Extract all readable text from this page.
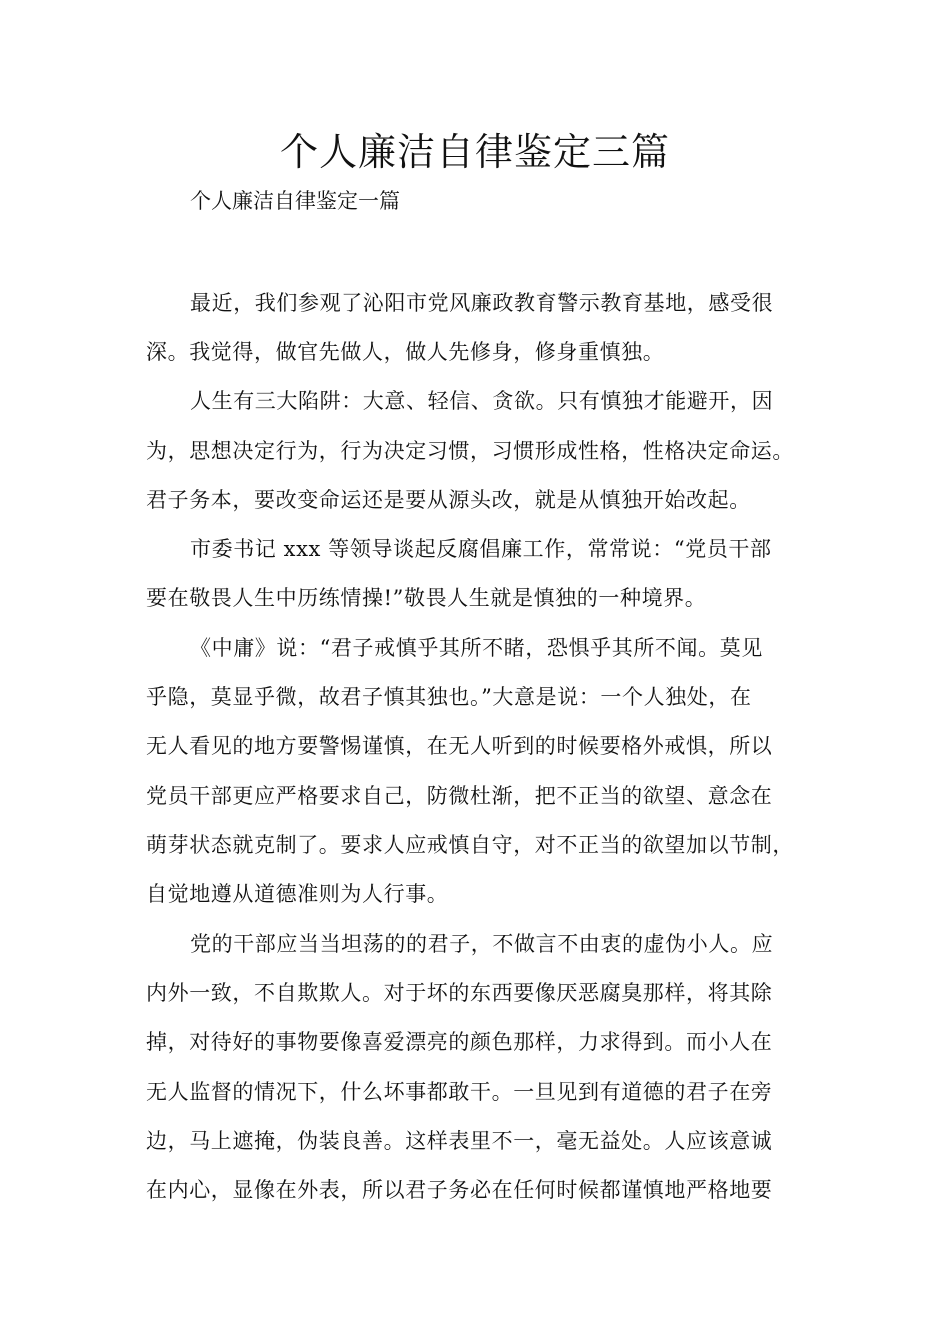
个人廉洁自律鉴定三篇
个人廉洁自律鉴定一篇

最近，我们参观了沁阳市党风廉政教育警示教育基地，感受很

深。我觉得，做官先做人，做人先修身，修身重慎独。

人生有三大陷阱：大意、轻信、贪欲。只有慎独才能避开，因

为，思想决定行为，行为决定习惯，习惯形成性格，性格决定命运。

君子务本，要改变命运还是要从源头改，就是从慎独开始改起。

市委书记 xxx 等领导谈起反腐倡廉工作，常常说：“党员干部

要在敬畏人生中历练情操!”敬畏人生就是慎独的一种境界。

《中庸》说：“君子戒慎乎其所不睹，恐惧乎其所不闻。莫见

乎隐，莫显乎微，故君子慎其独也。”大意是说：一个人独处，在

无人看见的地方要警惕谨慎，在无人听到的时候要格外戒惧，所以

党员干部更应严格要求自己，防微杜渐，把不正当的欲望、意念在

萌芽状态就克制了。要求人应戒慎自守，对不正当的欲望加以节制，

自觉地遵从道德准则为人行事。

党的干部应当当坦荡的的君子，不做言不由衷的虚伪小人。应

内外一致，不自欺欺人。对于坏的东西要像厌恶腐臭那样，将其除

掉，对待好的事物要像喜爱漂亮的颜色那样，力求得到。而小人在

无人监督的情况下，什么坏事都敢干。一旦见到有道德的君子在旁

边，马上遮掩，伪装良善。这样表里不一，毫无益处。人应该意诚

在内心，显像在外表，所以君子务必在任何时候都谨慎地严格地要
